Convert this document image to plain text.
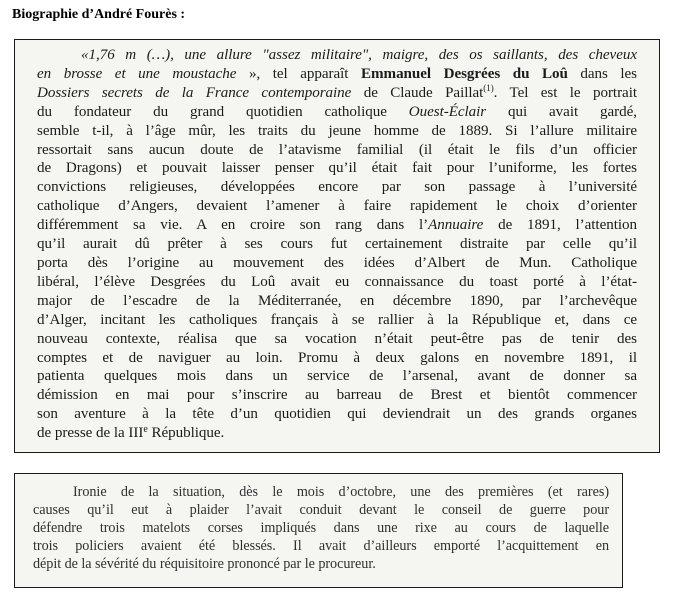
Biographie d’André Fourès :
«1,76 m (…), une allure "assez militaire", maigre, des os saillants, des cheveux
en brosse et une moustache », tel apparaît Emmanuel Desgrées du Loû dans les
Dossiers secrets de la France contemporaine de Claude Paillat$^{(1)}$. Tel est le portrait
du fondateur du grand quotidien catholique Ouest-Éclair qui avait gardé,
semble t-il, à l’âge mûr, les traits du jeune homme de 1889. Si l’allure militaire
ressortait sans aucun doute de l’atavisme familial (il était le fils d’un officier
de Dragons) et pouvait laisser penser qu’il était fait pour l’uniforme, les fortes
convictions religieuses, développées encore par son passage à l’université
catholique d’Angers, devaient l’amener à faire rapidement le choix d’orienter
différemment sa vie. A en croire son rang dans l’Annuaire de 1891, l’attention
qu’il aurait dû prêter à ses cours fut certainement distraite par celle qu’il
porta dès l’origine au mouvement des idées d’Albert de Mun. Catholique
libéral, l’élève Desgrées du Loû avait eu connaissance du toast porté à l’état-
major de l’escadre de la Méditerranée, en décembre 1890, par l’archevêque
d’Alger, incitant les catholiques français à se rallier à la République et, dans ce
nouveau contexte, réalisa que sa vocation n’était peut-être pas de tenir des
comptes et de naviguer au loin. Promu à deux galons en novembre 1891, il
patienta quelques mois dans un service de l’arsenal, avant de donner sa
démission en mai pour s’inscrire au barreau de Brest et bientôt commencer
son aventure à la tête d’un quotidien qui deviendrait un des grands organes
de presse de la IIIe République.
Ironie de la situation, dès le mois d’octobre, une des premières (et rares)
causes qu’il eut à plaider l’avait conduit devant le conseil de guerre pour
défendre trois matelots corses impliqués dans une rixe au cours de laquelle
trois policiers avaient été blessés. Il avait d’ailleurs emporté l’acquittement en
dépit de la sévérité du réquisitoire prononcé par le procureur.
